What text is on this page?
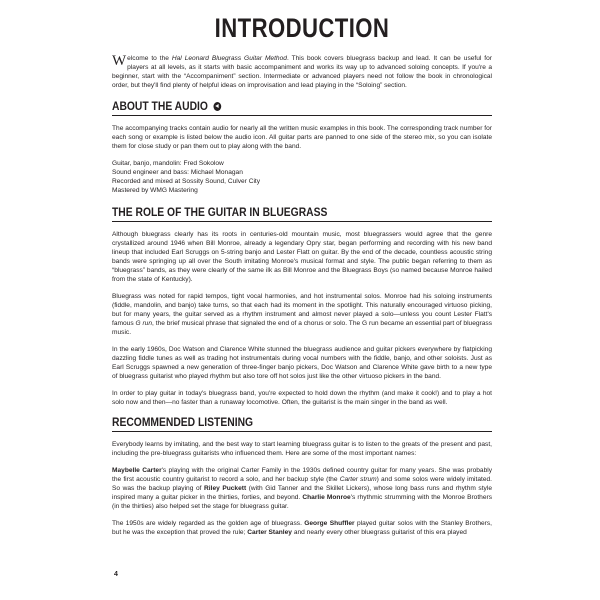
INTRODUCTION
Welcome to the Hal Leonard Bluegrass Guitar Method. This book covers bluegrass backup and lead. It can be useful for players at all levels, as it starts with basic accompaniment and works its way up to advanced soloing concepts. If you're a beginner, start with the “Accompaniment” section. Intermediate or advanced players need not follow the book in chronological order, but they'll find plenty of helpful ideas on improvisation and lead playing in the “Soloing” section.
ABOUT THE AUDIO

The accompanying tracks contain audio for nearly all the written music examples in this book. The corresponding track number for each song or example is listed below the audio icon. All guitar parts are panned to one side of the stereo mix, so you can isolate them for close study or pan them out to play along with the band.

Guitar, banjo, mandolin: Fred Sokolow
Sound engineer and bass: Michael Monagan
Recorded and mixed at Sossity Sound, Culver City
Mastered by WMG Mastering
THE ROLE OF THE GUITAR IN BLUEGRASS

Although bluegrass clearly has its roots in centuries-old mountain music, most bluegrassers would agree that the genre crystallized around 1946 when Bill Monroe, already a legendary Opry star, began performing and recording with his new band lineup that included Earl Scruggs on 5-string banjo and Lester Flatt on guitar. By the end of the decade, countless acoustic string bands were springing up all over the South imitating Monroe's musical format and style. The public began referring to them as “bluegrass” bands, as they were clearly of the same ilk as Bill Monroe and the Bluegrass Boys (so named because Monroe hailed from the state of Kentucky).

Bluegrass was noted for rapid tempos, tight vocal harmonies, and hot instrumental solos. Monroe had his soloing instruments (fiddle, mandolin, and banjo) take turns, so that each had its moment in the spotlight. This naturally encouraged virtuoso picking, but for many years, the guitar served as a rhythm instrument and almost never played a solo—unless you count Lester Flatt's famous G run, the brief musical phrase that signaled the end of a chorus or solo. The G run became an essential part of bluegrass music.

In the early 1960s, Doc Watson and Clarence White stunned the bluegrass audience and guitar pickers everywhere by flatpicking dazzling fiddle tunes as well as trading hot instrumentals during vocal numbers with the fiddle, banjo, and other soloists. Just as Earl Scruggs spawned a new generation of three-finger banjo pickers, Doc Watson and Clarence White gave birth to a new type of bluegrass guitarist who played rhythm but also tore off hot solos just like the other virtuoso pickers in the band.

In order to play guitar in today's bluegrass band, you're expected to hold down the rhythm (and make it cook!) and to play a hot solo now and then—no faster than a runaway locomotive. Often, the guitarist is the main singer in the band as well.

RECOMMENDED LISTENING

Everybody learns by imitating, and the best way to start learning bluegrass guitar is to listen to the greats of the present and past, including the pre-bluegrass guitarists who influenced them. Here are some of the most important names:

Maybelle Carter's playing with the original Carter Family in the 1930s defined country guitar for many years. She was probably the first acoustic country guitarist to record a solo, and her backup style (the Carter strum) and some solos were widely imitated. So was the backup playing of Riley Puckett (with Gid Tanner and the Skillet Lickers), whose long bass runs and rhythm style inspired many a guitar picker in the thirties, forties, and beyond. Charlie Monroe's rhythmic strumming with the Monroe Brothers (in the thirties) also helped set the stage for bluegrass guitar.

The 1950s are widely regarded as the golden age of bluegrass. George Shuffler played guitar solos with the Stanley Brothers, but he was the exception that proved the rule; Carter Stanley and nearly every other bluegrass guitarist of this era played

4
